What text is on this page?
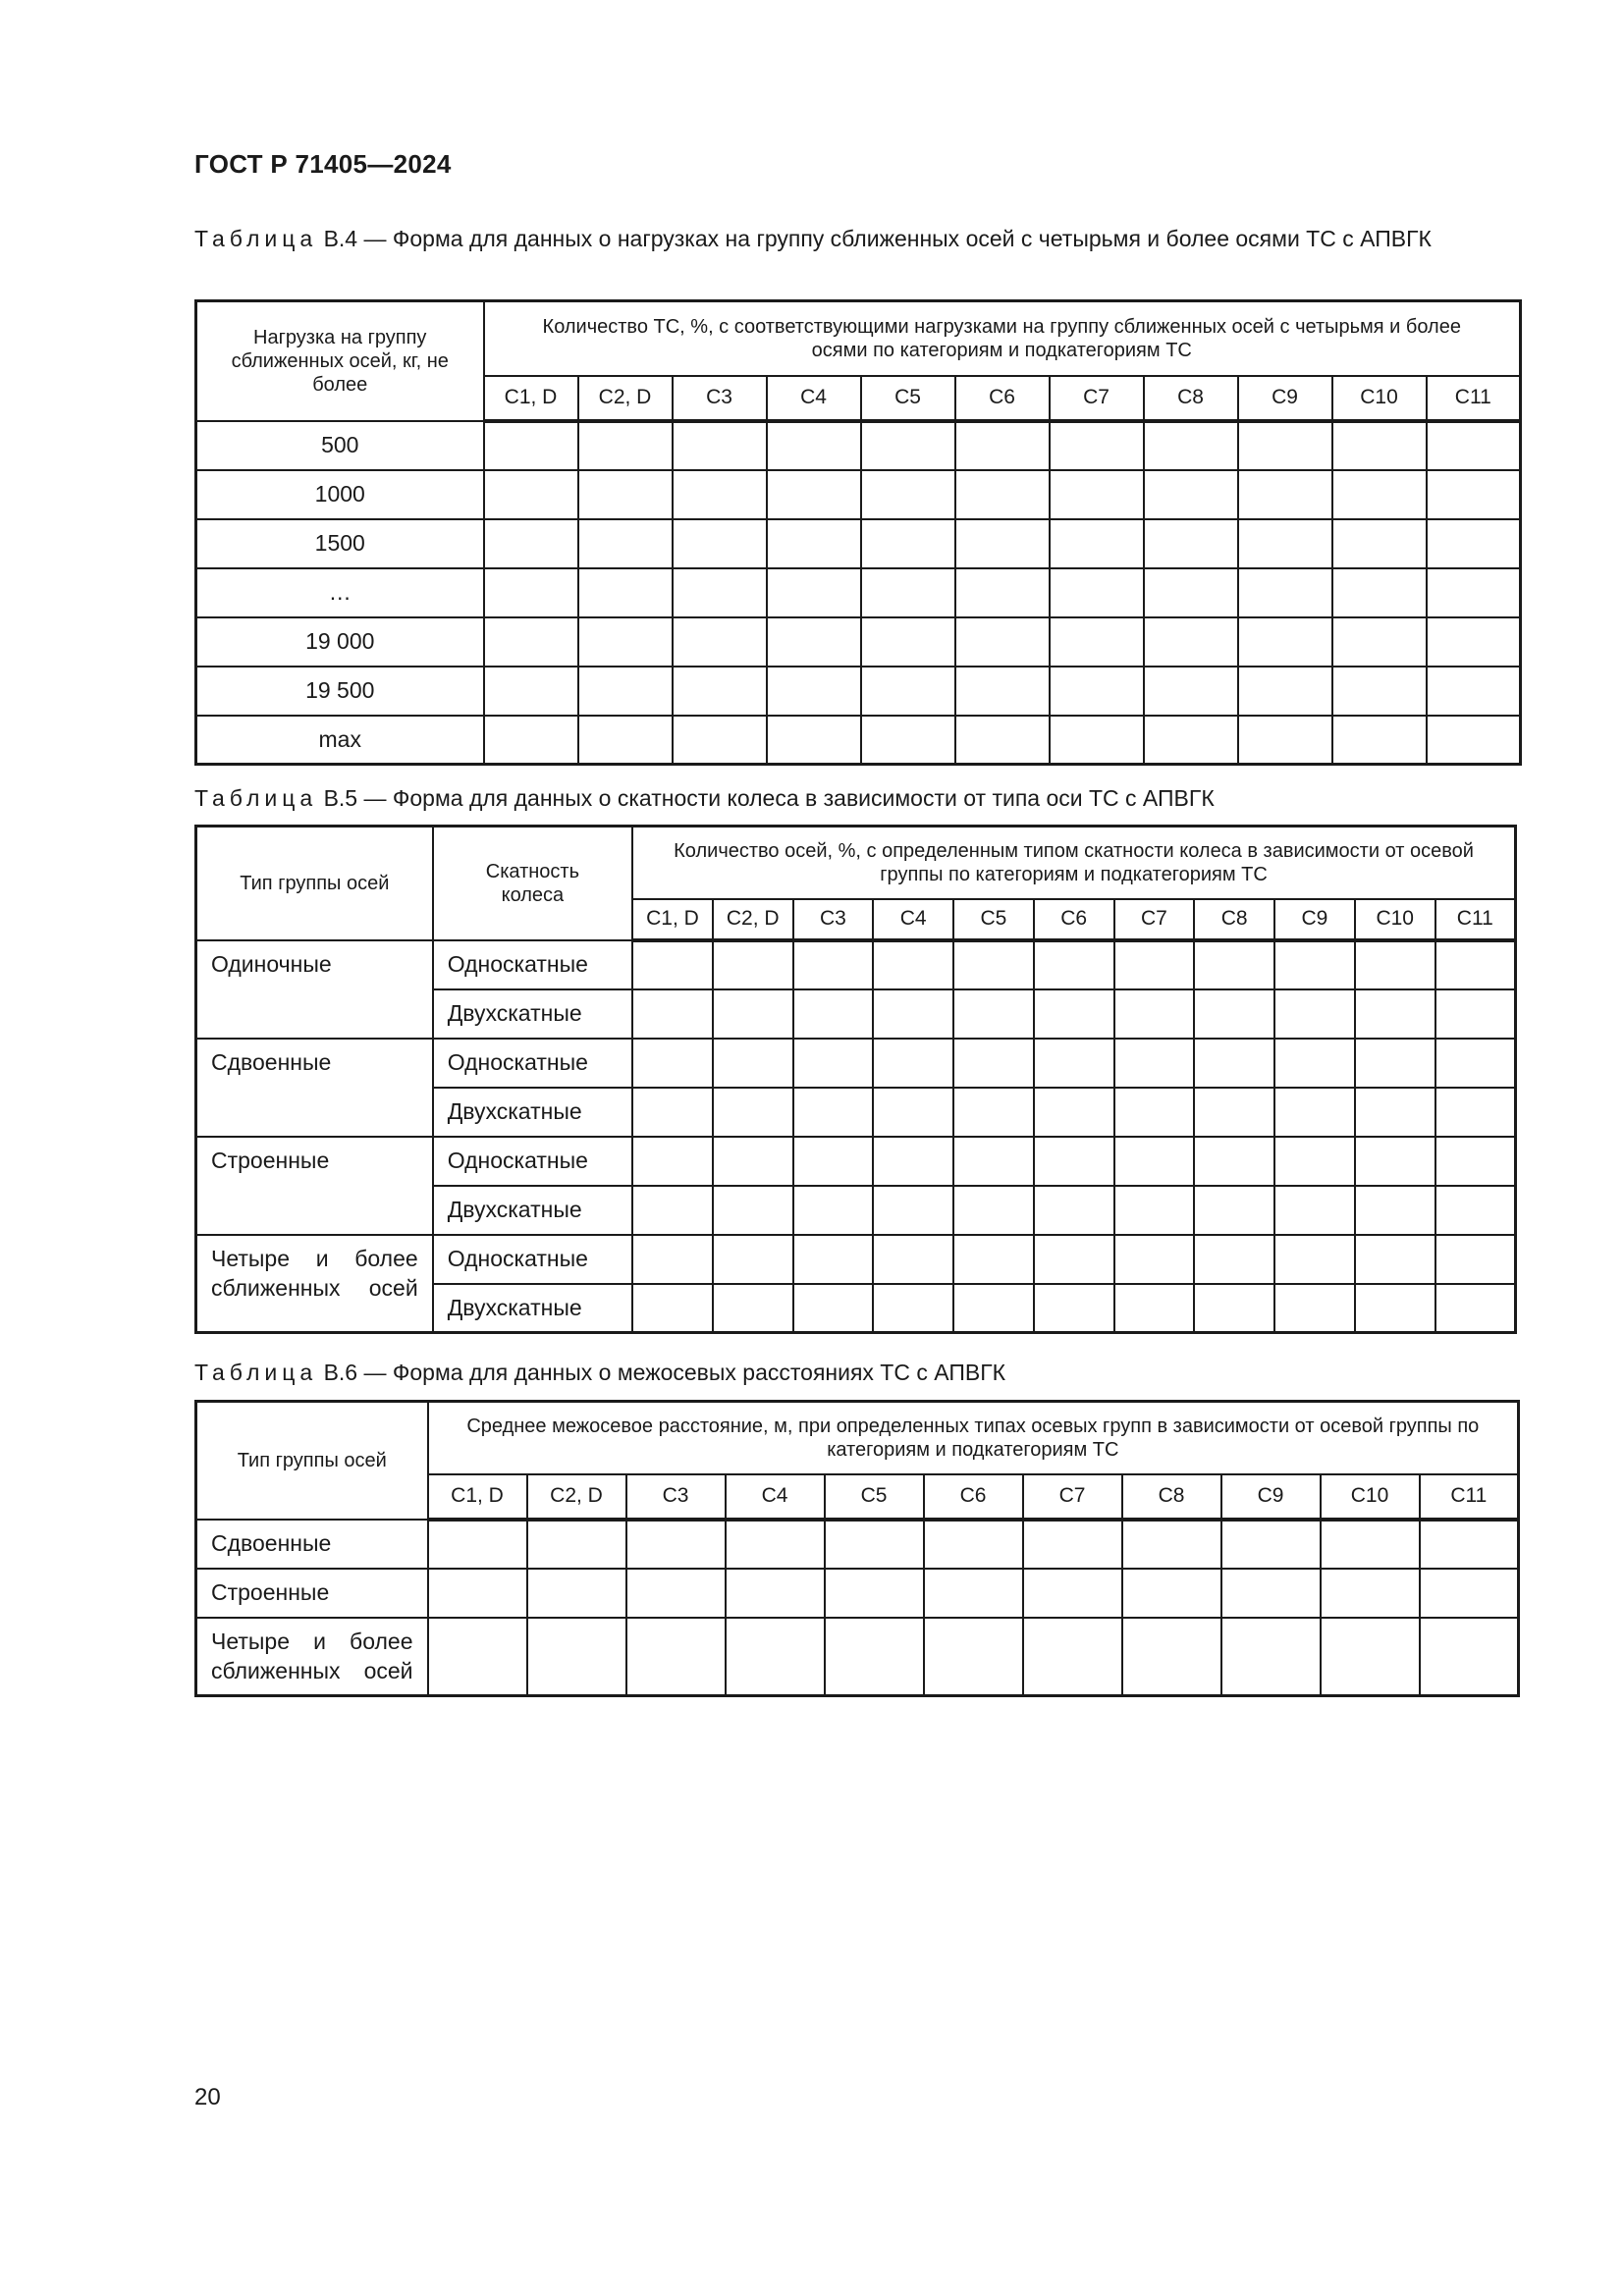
ГОСТ Р 71405—2024
Таблица В.4 — Форма для данных о нагрузках на группу сближенных осей с четырьмя и более осями ТС с АПВГК
Нагрузка на группу сближенных осей, кг, не более	Количество ТС, %, с соответствующими нагрузками на группу сближенных осей с четырьмя и более осями по категориям и подкатегориям ТС										
	С1, D	С2, D	С3	С4	С5	С6	С7	С8	С9	С10	С11
500											
1000											
1500											
…											
19 000											
19 500											
max											
Таблица В.5 — Форма для данных о скатности колеса в зависимости от типа оси ТС с АПВГК
Тип группы осей	Скатность колеса	Количество осей, %, с определенным типом скатности колеса в зависимости от осевой группы по категориям и подкатегориям ТС										
		С1, D	С2, D	С3	С4	С5	С6	С7	С8	С9	С10	С11
Одиночные	Односкатные											
	Двухскатные											
Сдвоенные	Односкатные											
	Двухскатные											
Строенные	Односкатные											
	Двухскатные											
Четыре и более сближенных осей	Односкатные											
	Двухскатные											
Таблица В.6 — Форма для данных о межосевых расстояниях ТС с АПВГК
Тип группы осей	Среднее межосевое расстояние, м, при определенных типах осевых групп в зависимости от осевой группы по категориям и подкатегориям ТС										
	С1, D	С2, D	С3	С4	С5	С6	С7	С8	С9	С10	С11
Сдвоенные											
Строенные											
Четыре и более сближенных осей											
20
